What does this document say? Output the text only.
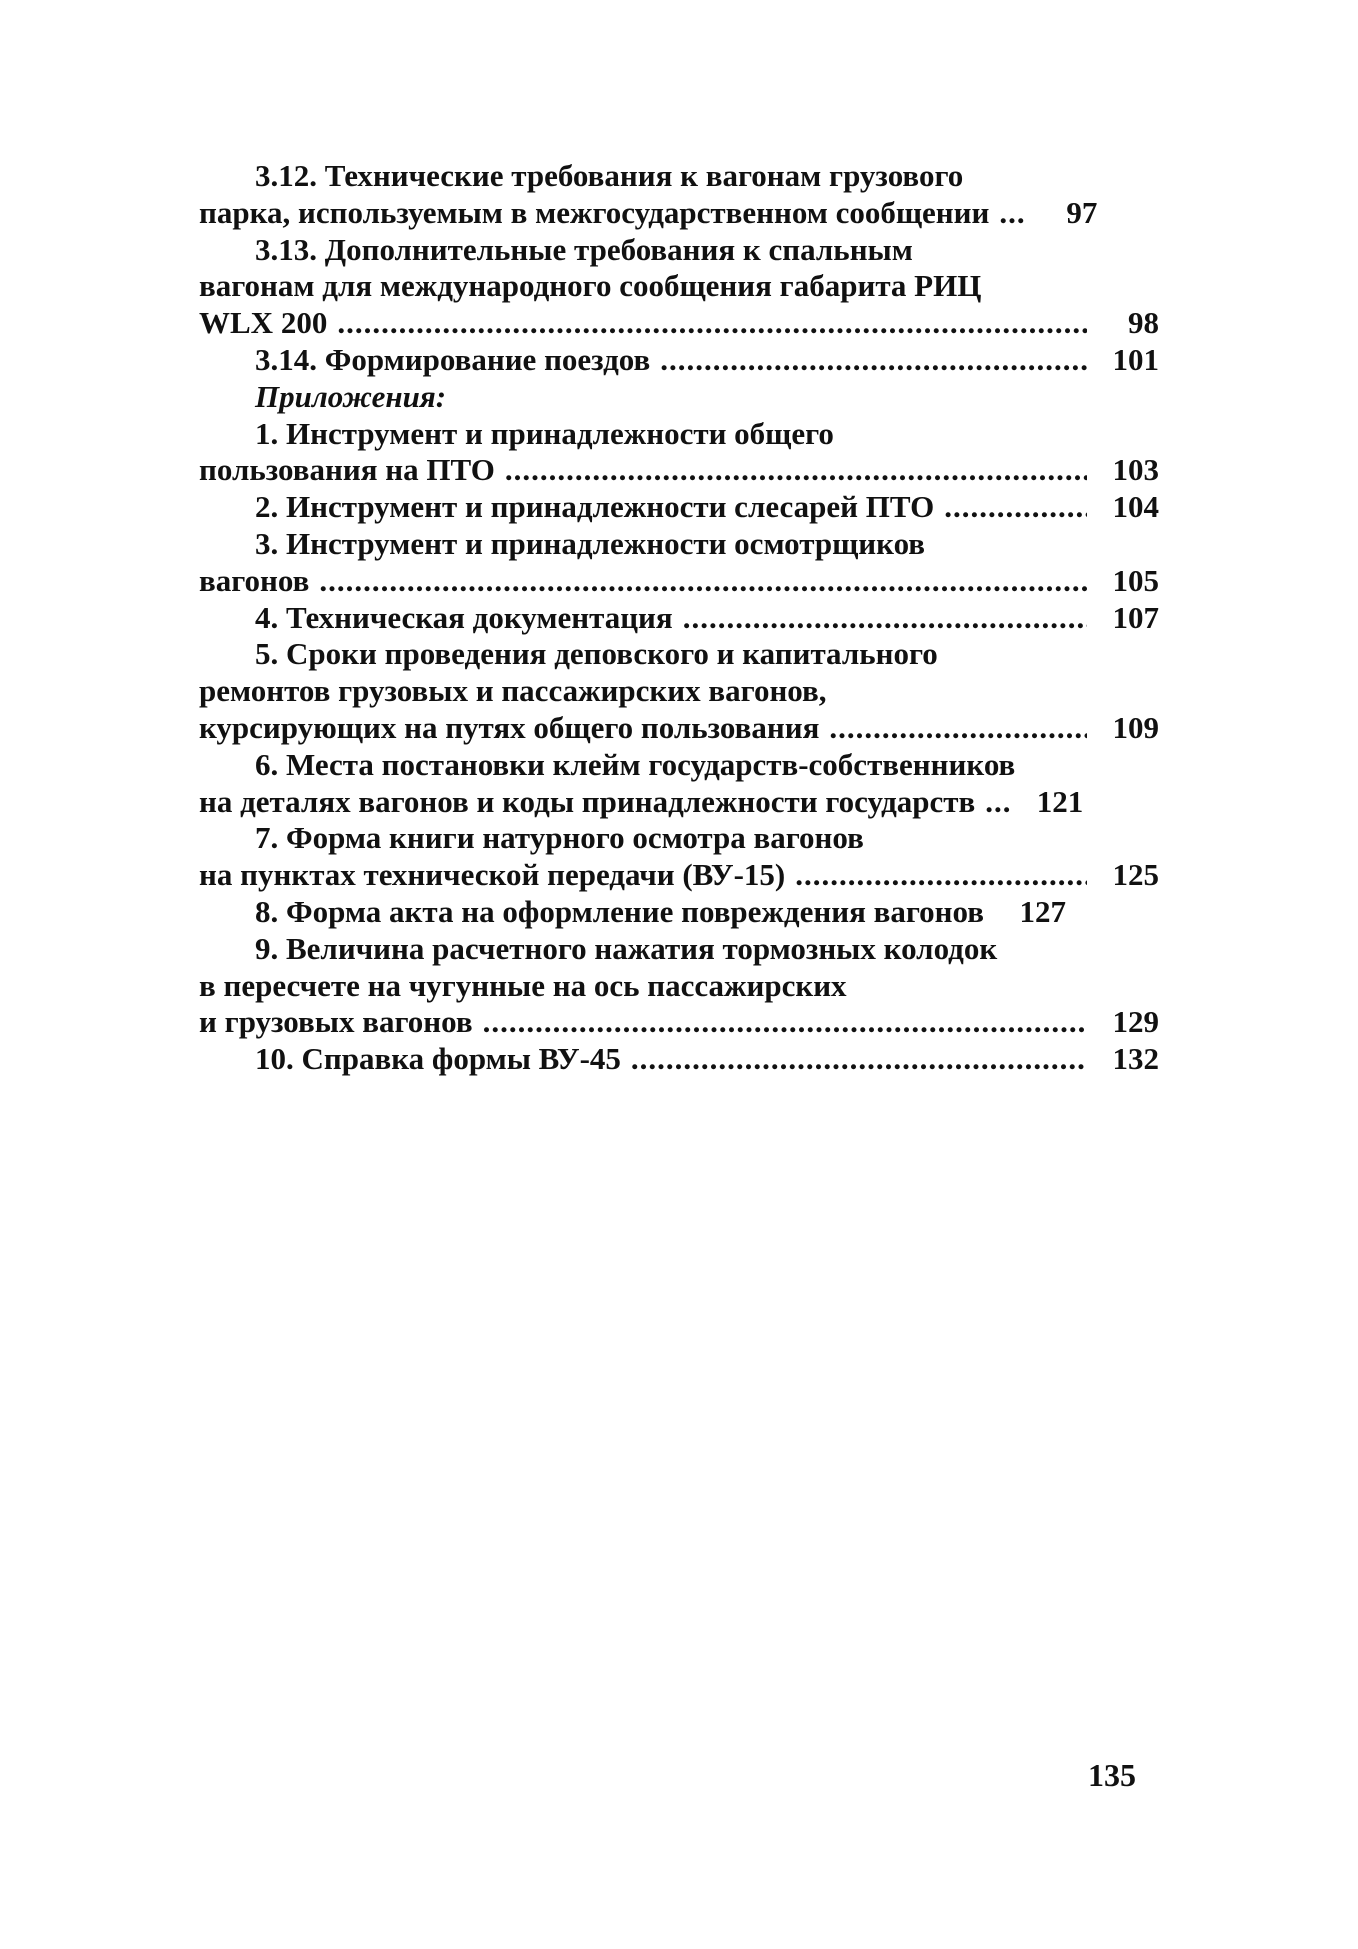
3.12. Технические требования к вагонам грузового
парка, используемым в межгосударственном сообщении .....	97
3.13. Дополнительные требования к спальным
вагонам для международного сообщения габарита РИЦ
WLX 200 .....	98
3.14. Формирование поездов .....	101
Приложения:
1. Инструмент и принадлежности общего
пользования на ПТО .....	103
2. Инструмент и принадлежности слесарей ПТО .....	104
3. Инструмент и принадлежности осмотрщиков
вагонов .....	105
4. Техническая документация .....	107
5. Сроки проведения деповского и капитального
ремонтов грузовых и пассажирских вагонов,
курсирующих на путях общего пользования .....	109
6. Места постановки клейм государств-собственников
на деталях вагонов и коды принадлежности государств .....	121
7. Форма книги натурного осмотра вагонов
на пунктах технической передачи (ВУ-15) .....	125
8. Форма акта на оформление повреждения вагонов	127
9. Величина расчетного нажатия тормозных колодок
в пересчете на чугунные на ось пассажирских
и грузовых вагонов .....	129
10. Справка формы ВУ-45 .....	132
135
